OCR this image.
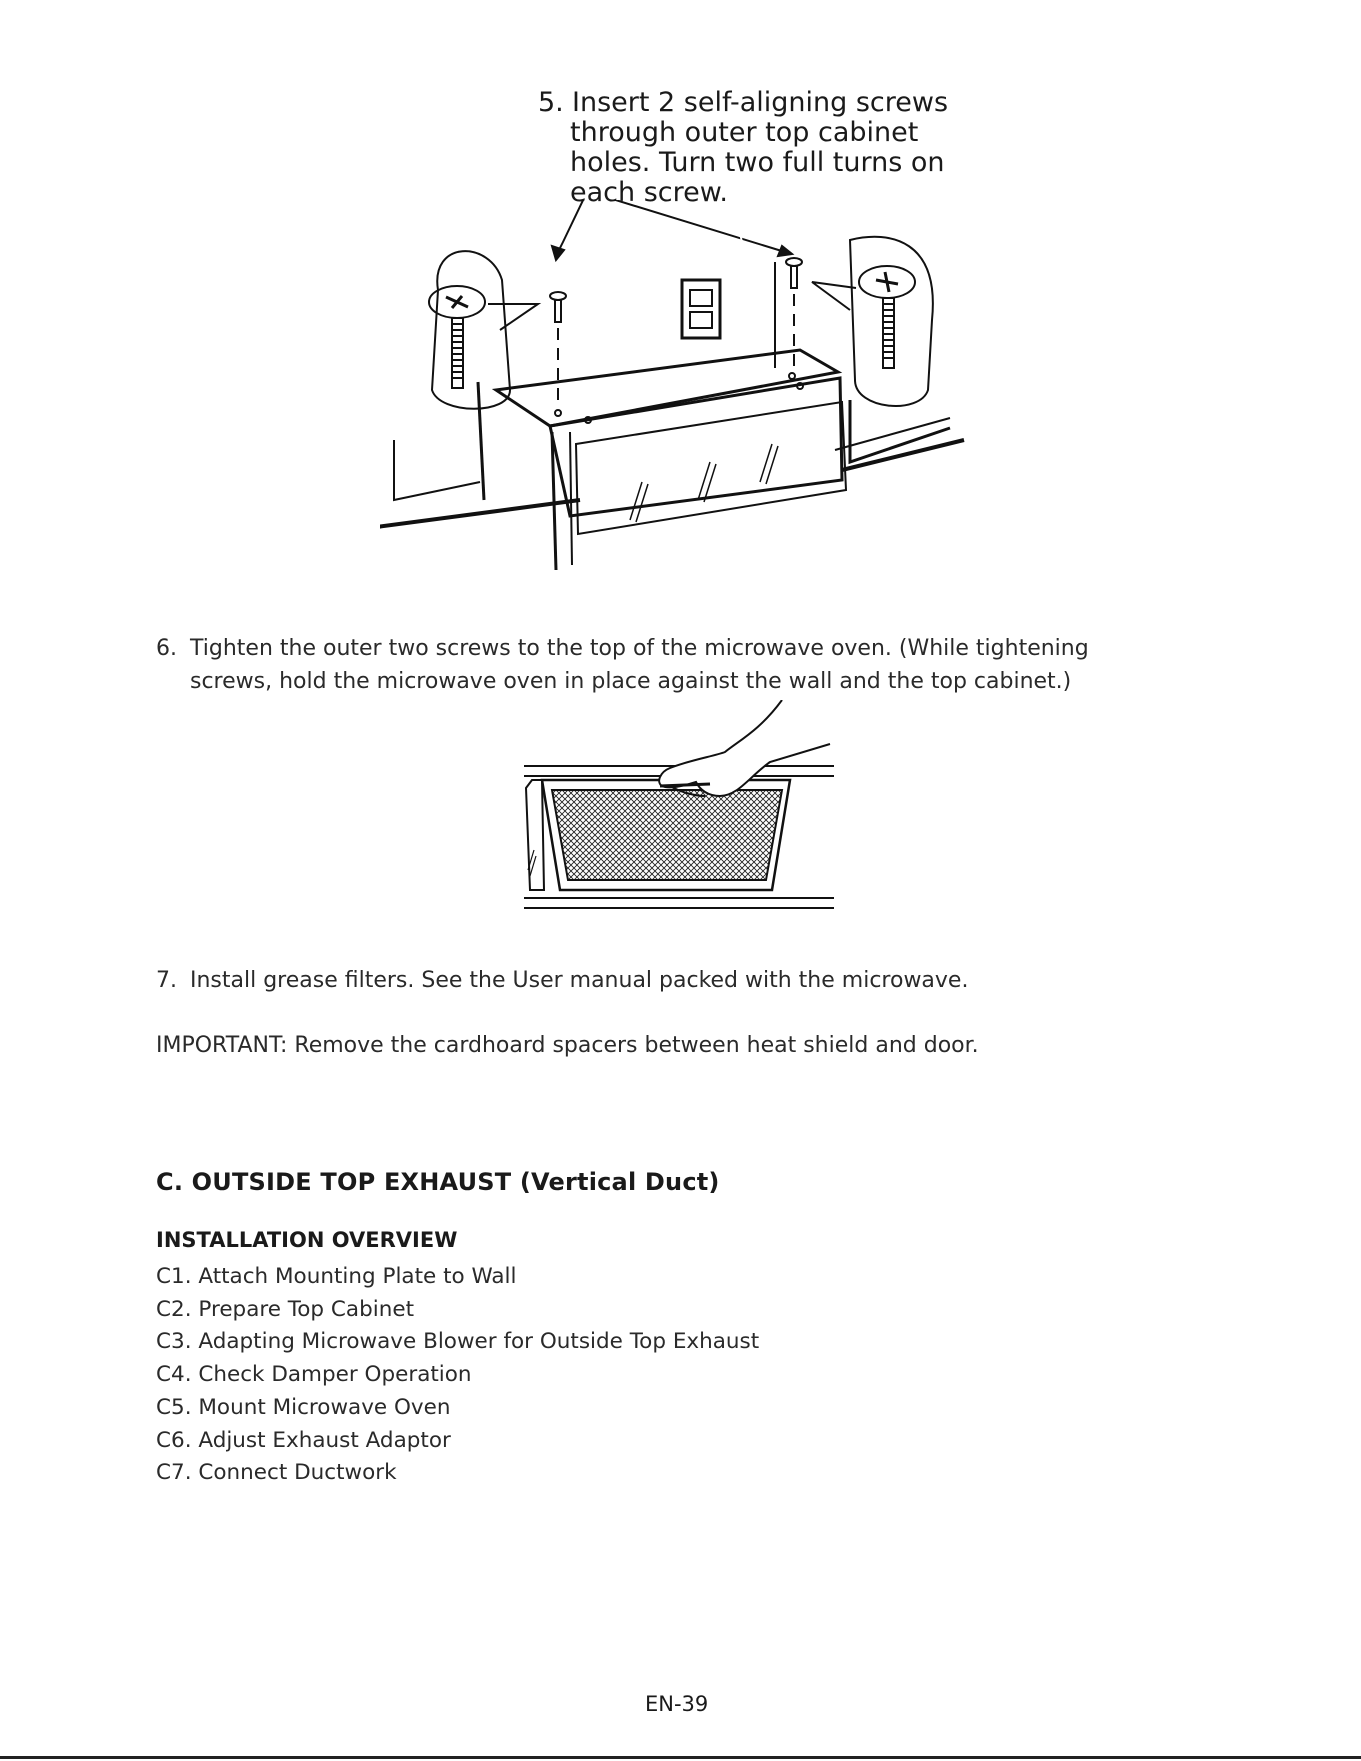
5. Insert 2 self-aligning screws
through outer top cabinet
holes. Turn two full turns on
each screw.
6. Tighten the outer two screws to the top of the microwave oven. (While tightening
screws, hold the microwave oven in place against the wall and the top cabinet.)
7. Install grease filters. See the User manual packed with the microwave.
IMPORTANT: Remove the cardhoard spacers between heat shield and door.
C. OUTSIDE TOP EXHAUST (Vertical Duct)
INSTALLATION OVERVIEW
C1. Attach Mounting Plate to Wall
C2. Prepare Top Cabinet
C3. Adapting Microwave Blower for Outside Top Exhaust
C4. Check Damper Operation
C5. Mount Microwave Oven
C6. Adjust Exhaust Adaptor
C7. Connect Ductwork
EN-39
